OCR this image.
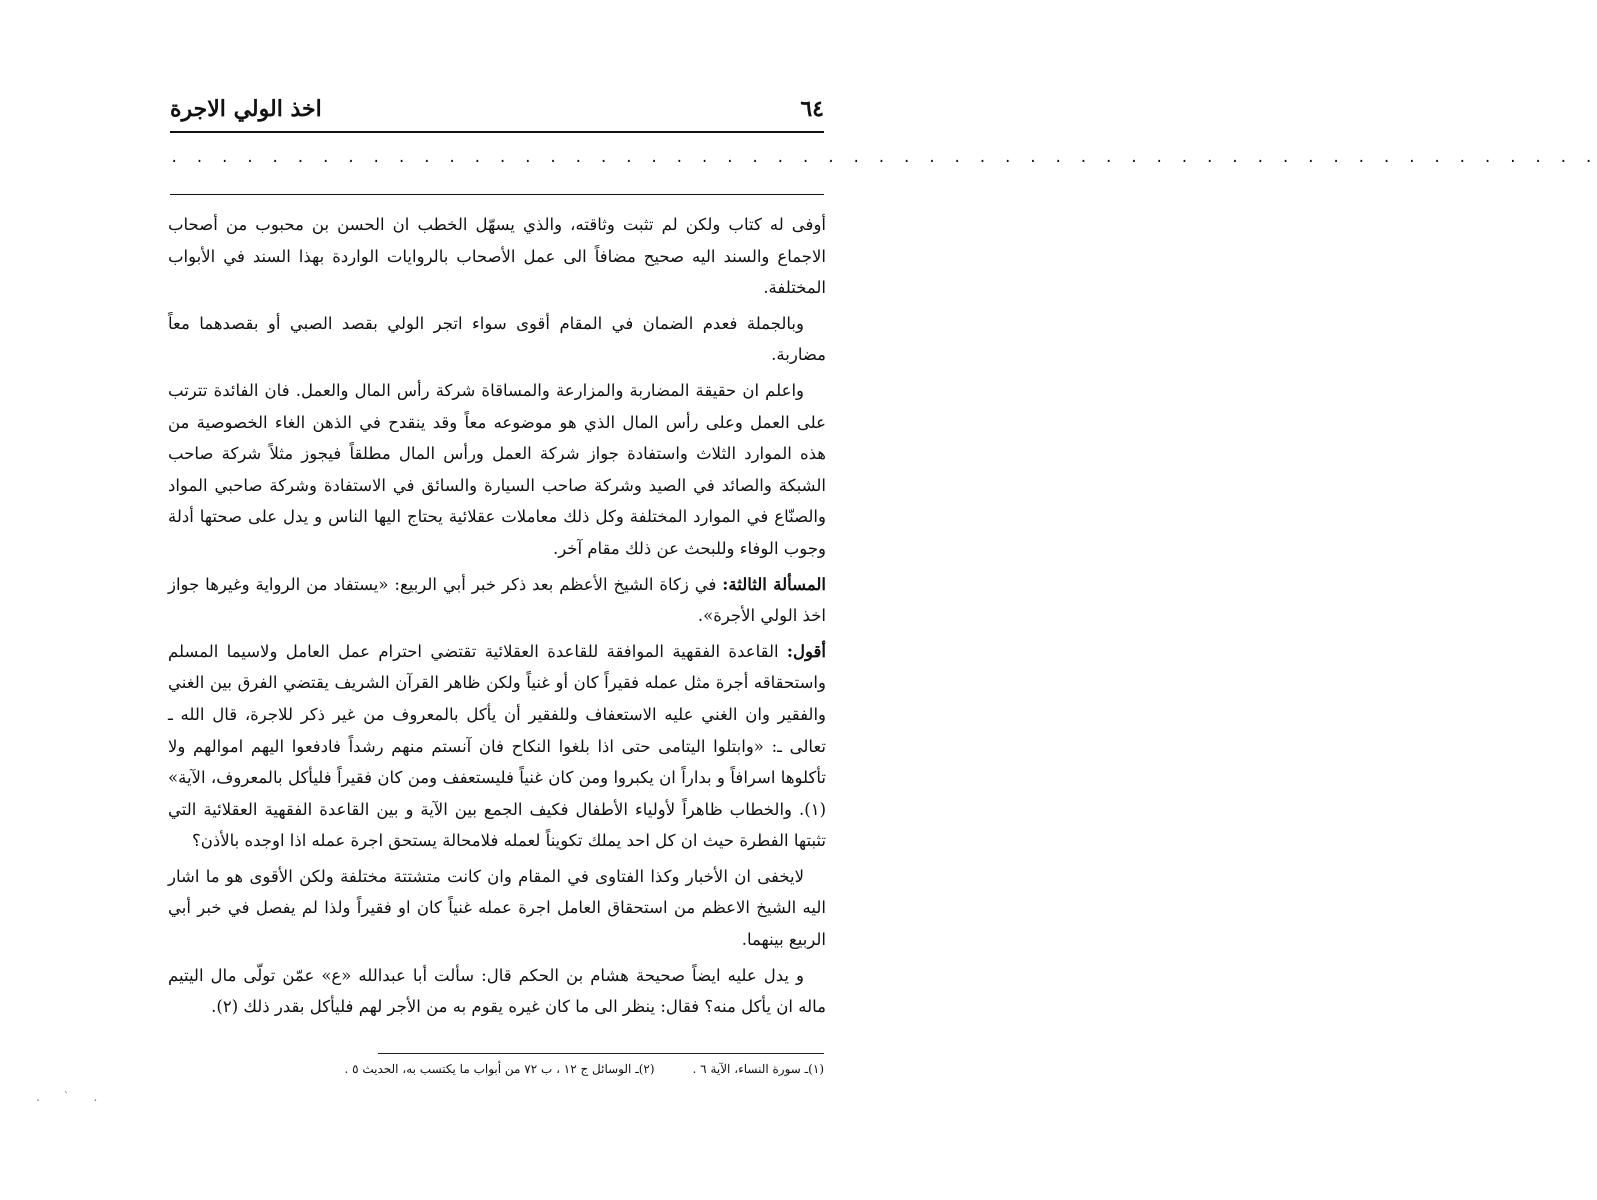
٦٤
اخذ الولي الاجرة
. . . . . . . . . . . . . . . . . . . . . . . . . . . . . . . . . . . . . . . . . . . . . . . . . . . . . . . . .

أوفى له كتاب ولكن لم تثبت وثاقته، والذي يسهّل الخطب ان الحسن بن محبوب من أصحاب الاجماع والسند اليه صحيح مضافاً الى عمل الأصحاب بالروايات الواردة بهذا السند في الأبواب المختلفة.

وبالجملة فعدم الضمان في المقام أقوى سواء اتجر الولي بقصد الصبي أو بقصدهما معاً مضاربة.

واعلم ان حقيقة المضاربة والمزارعة والمساقاة شركة رأس المال والعمل. فان الفائدة تترتب على العمل وعلى رأس المال الذي هو موضوعه معاً وقد ينقدح في الذهن الغاء الخصوصية من هذه الموارد الثلاث واستفادة جواز شركة العمل ورأس المال مطلقاً فيجوز مثلاً شركة صاحب الشبكة والصائد في الصيد وشركة صاحب السيارة والسائق في الاستفادة وشركة صاحبي المواد والصنّاع في الموارد المختلفة وكل ذلك معاملات عقلائية يحتاج اليها الناس و يدل على صحتها أدلة وجوب الوفاء وللبحث عن ذلك مقام آخر.

المسألة الثالثة: في زكاة الشيخ الأعظم بعد ذكر خبر أبي الربيع: «يستفاد من الرواية وغيرها جواز اخذ الولي الأجرة».

أقول: القاعدة الفقهية الموافقة للقاعدة العقلائية تقتضي احترام عمل العامل ولاسيما المسلم واستحقاقه أجرة مثل عمله فقيراً كان أو غنياً ولكن ظاهر القرآن الشريف يقتضي الفرق بين الغني والفقير وان الغني عليه الاستعفاف وللفقير أن يأكل بالمعروف من غير ذكر للاجرة، قال الله ـ تعالى ـ: «وابتلوا اليتامى حتى اذا بلغوا النكاح فان آنستم منهم رشداً فادفعوا اليهم اموالهم ولا تأكلوها اسرافاً و بداراً ان يكبروا ومن كان غنياً فليستعفف ومن كان فقيراً فليأكل بالمعروف، الآية» (١). والخطاب ظاهراً لأولياء الأطفال فكيف الجمع بين الآية و بين القاعدة الفقهية العقلائية التي تثبتها الفطرة حيث ان كل احد يملك تكويناً لعمله فلامحالة يستحق اجرة عمله اذا اوجده بالأذن؟

لايخفى ان الأخبار وكذا الفتاوى في المقام وان كانت متشتتة مختلفة ولكن الأقوى هو ما اشار اليه الشيخ الاعظم من استحقاق العامل اجرة عمله غنياً كان او فقيراً ولذا لم يفصل في خبر أبي الربيع بينهما.

و يدل عليه ايضاً صحيحة هشام بن الحكم قال: سألت أبا عبدالله «ع» عمّن تولّى مال اليتيم ماله ان يأكل منه؟ فقال: ينظر الى ما كان غيره يقوم به من الأجر لهم فليأكل بقدر ذلك (٢).

(١)ـ سورة النساء، الآية ٦ .
(٢)ـ الوسائل ج ١٢ ، ب ٧٢ من أبواب ما يكتسب به، الحديث ٥ .
. ` .
